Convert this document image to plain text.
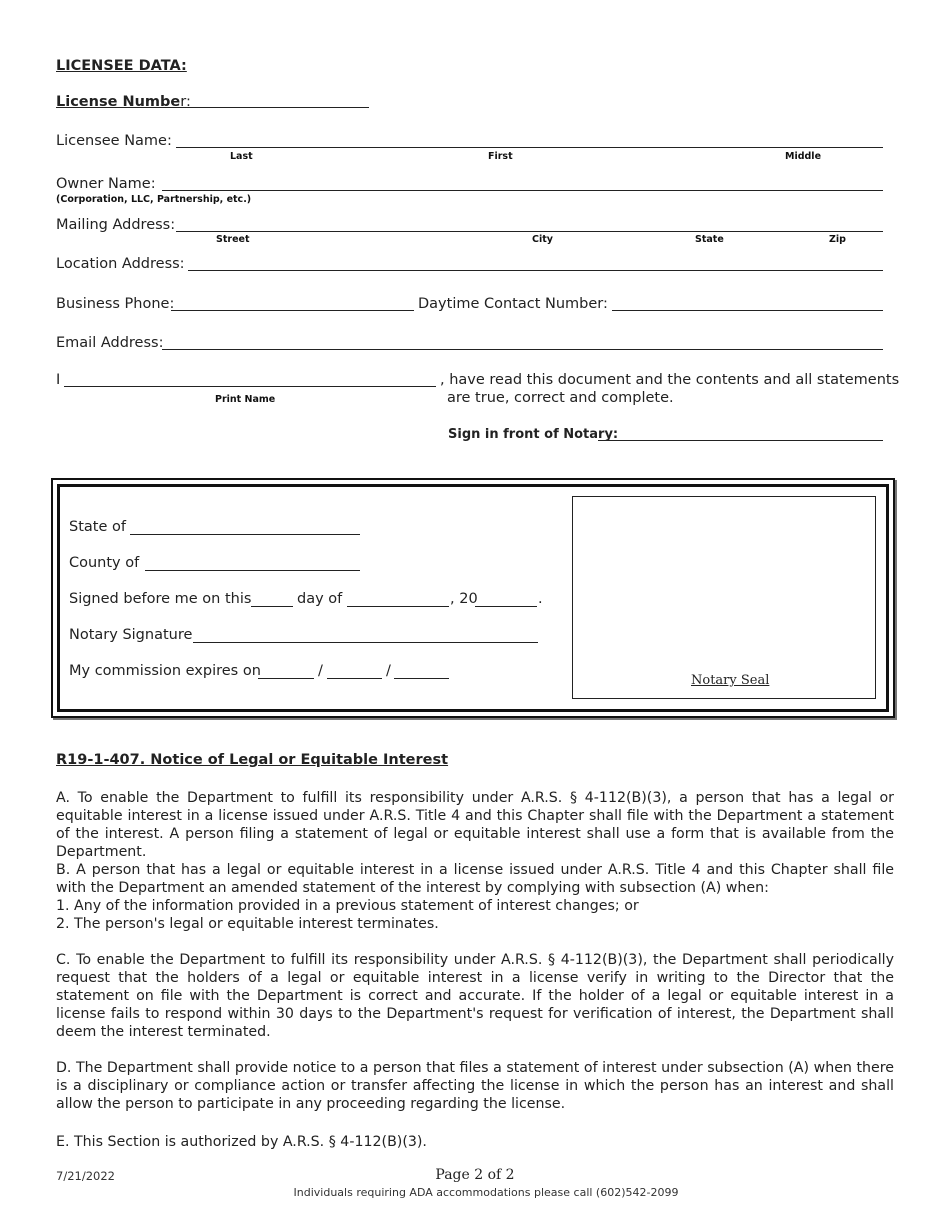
LICENSEE DATA:
License Number:
Licensee Name:
Last	First	Middle
Owner Name:
(Corporation, LLC, Partnership, etc.)
Mailing Address:
Street	City	State	Zip
Location Address:
Business Phone:	Daytime Contact Number:
Email Address:
I
Print Name
, have read this document and the contents and all statements
are true, correct and complete.
Sign in front of Notary:
State of
County of
Signed before me on this	day of	, 20	.
Notary Signature
My commission expires on	/	/
Notary Seal
R19-1-407. Notice of Legal or Equitable Interest

A. To enable the Department to fulfill its responsibility under A.R.S. § 4-112(B)(3), a person that has a legal or equitable interest in a license issued under A.R.S. Title 4 and this Chapter shall file with the Department a statement of the interest. A person filing a statement of legal or equitable interest shall use a form that is available from the Department.

B. A person that has a legal or equitable interest in a license issued under A.R.S. Title 4 and this Chapter shall file with the Department an amended statement of the interest by complying with subsection (A) when:

1. Any of the information provided in a previous statement of interest changes; or

2. The person's legal or equitable interest terminates.

C. To enable the Department to fulfill its responsibility under A.R.S. § 4-112(B)(3), the Department shall periodically request that the holders of a legal or equitable interest in a license verify in writing to the Director that the statement on file with the Department is correct and accurate. If the holder of a legal or equitable interest in a license fails to respond within 30 days to the Department's request for verification of interest, the Department shall deem the interest terminated.

D. The Department shall provide notice to a person that files a statement of interest under subsection (A) when there is a disciplinary or compliance action or transfer affecting the license in which the person has an interest and shall allow the person to participate in any proceeding regarding the license.

E. This Section is authorized by A.R.S. § 4-112(B)(3).

7/21/2022	Page 2 of 2
Individuals requiring ADA accommodations please call (602)542-2099
